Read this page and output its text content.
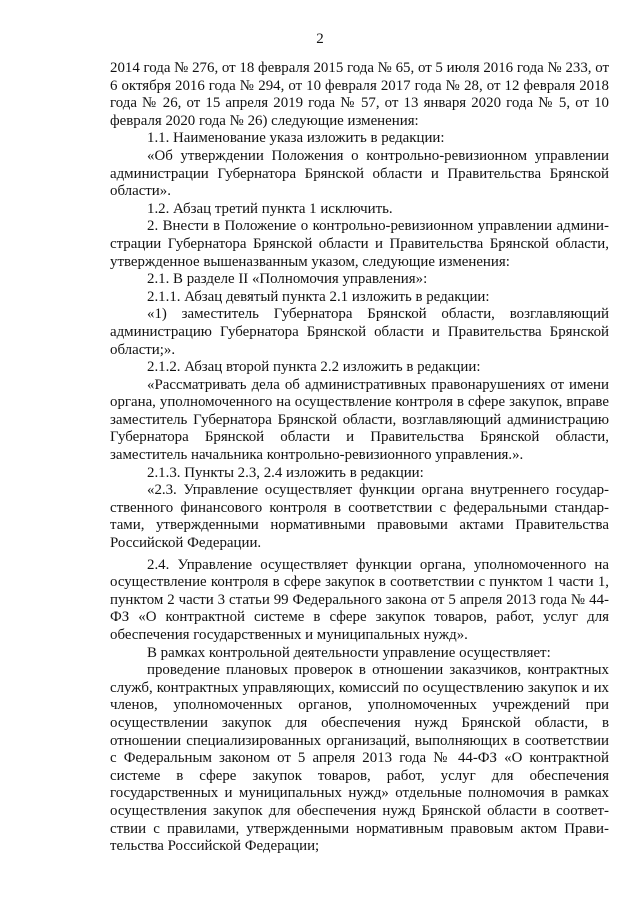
2

2014 года № 276, от 18 февраля 2015 года № 65, от 5 июля 2016 года № 233, от 6 октября 2016 года № 294, от 10 февраля 2017 года № 28, от 12 февраля 2018 года № 26, от 15 апреля 2019 года № 57, от 13 января 2020 года № 5, от 10 февраля 2020 года № 26) следующие изменения:

1.1. Наименование указа изложить в редакции:

«Об утверждении Положения о контрольно-ревизионном управлении администрации Губернатора Брянской области и Правительства Брянской области».

1.2. Абзац третий пункта 1 исключить.

2. Внести в Положение о контрольно-ревизионном управлении администрации Губернатора Брянской области и Правительства Брянской области, утвержденное вышеназванным указом, следующие изменения:

2.1. В разделе II «Полномочия управления»:

2.1.1. Абзац девятый пункта 2.1 изложить в редакции:

«1) заместитель Губернатора Брянской области, возглавляющий администрацию Губернатора Брянской области и Правительства Брянской области;».

2.1.2. Абзац второй пункта 2.2 изложить в редакции:

«Рассматривать дела об административных правонарушениях от имени органа, уполномоченного на осуществление контроля в сфере закупок, вправе заместитель Губернатора Брянской области, возглавляющий администрацию Губернатора Брянской области и Правительства Брянской области, заместитель начальника контрольно-ревизионного управления.».

2.1.3. Пункты 2.3, 2.4 изложить в редакции:

«2.3. Управление осуществляет функции органа внутреннего государственного финансового контроля в соответствии с федеральными стандартами, утвержденными нормативными правовыми актами Правительства Российской Федерации.

2.4. Управление осуществляет функции органа, уполномоченного на осуществление контроля в сфере закупок в соответствии с пунктом 1 части 1, пунктом 2 части 3 статьи 99 Федерального закона от 5 апреля 2013 года № 44-ФЗ «О контрактной системе в сфере закупок товаров, работ, услуг для обеспечения государственных и муниципальных нужд».

В рамках контрольной деятельности управление осуществляет:

проведение плановых проверок в отношении заказчиков, контрактных служб, контрактных управляющих, комиссий по осуществлению закупок и их членов, уполномоченных органов, уполномоченных учреждений при осуществлении закупок для обеспечения нужд Брянской области, в отношении специализированных организаций, выполняющих в соответствии с Федеральным законом от 5 апреля 2013 года № 44-ФЗ «О контрактной системе в сфере закупок товаров, работ, услуг для обеспечения государственных и муниципальных нужд» отдельные полномочия в рамках осуществления закупок для обеспечения нужд Брянской области в соответствии с правилами, утвержденными нормативным правовым актом Правительства Российской Федерации;
